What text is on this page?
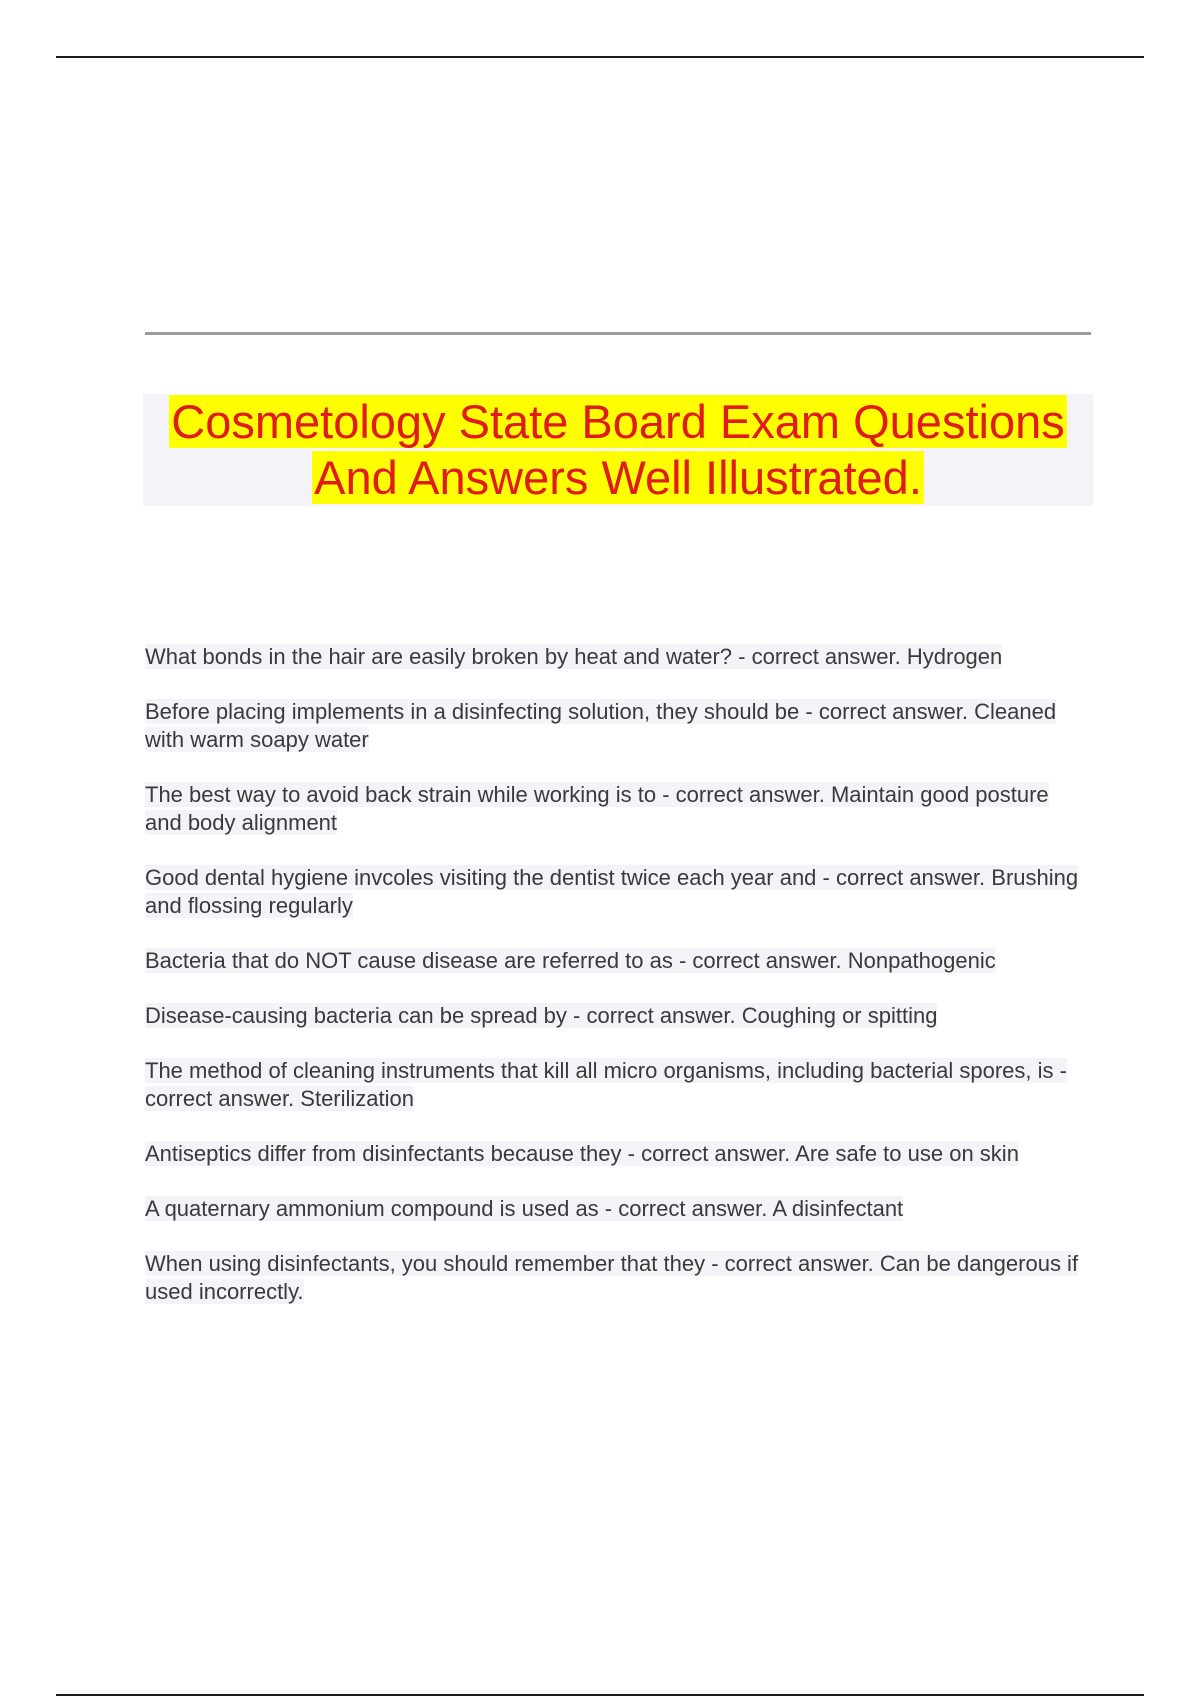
Cosmetology State Board Exam Questions
And Answers Well Illustrated.
What bonds in the hair are easily broken by heat and water? - correct answer. Hydrogen
Before placing implements in a disinfecting solution, they should be - correct answer. Cleaned with warm soapy water
The best way to avoid back strain while working is to - correct answer. Maintain good posture and body alignment
Good dental hygiene invcoles visiting the dentist twice each year and - correct answer. Brushing and flossing regularly
Bacteria that do NOT cause disease are referred to as - correct answer. Nonpathogenic
Disease-causing bacteria can be spread by - correct answer. Coughing or spitting
The method of cleaning instruments that kill all micro organisms, including bacterial spores, is - correct answer. Sterilization
Antiseptics differ from disinfectants because they - correct answer. Are safe to use on skin
A quaternary ammonium compound is used as - correct answer. A disinfectant
When using disinfectants, you should remember that they - correct answer. Can be dangerous if used incorrectly.
